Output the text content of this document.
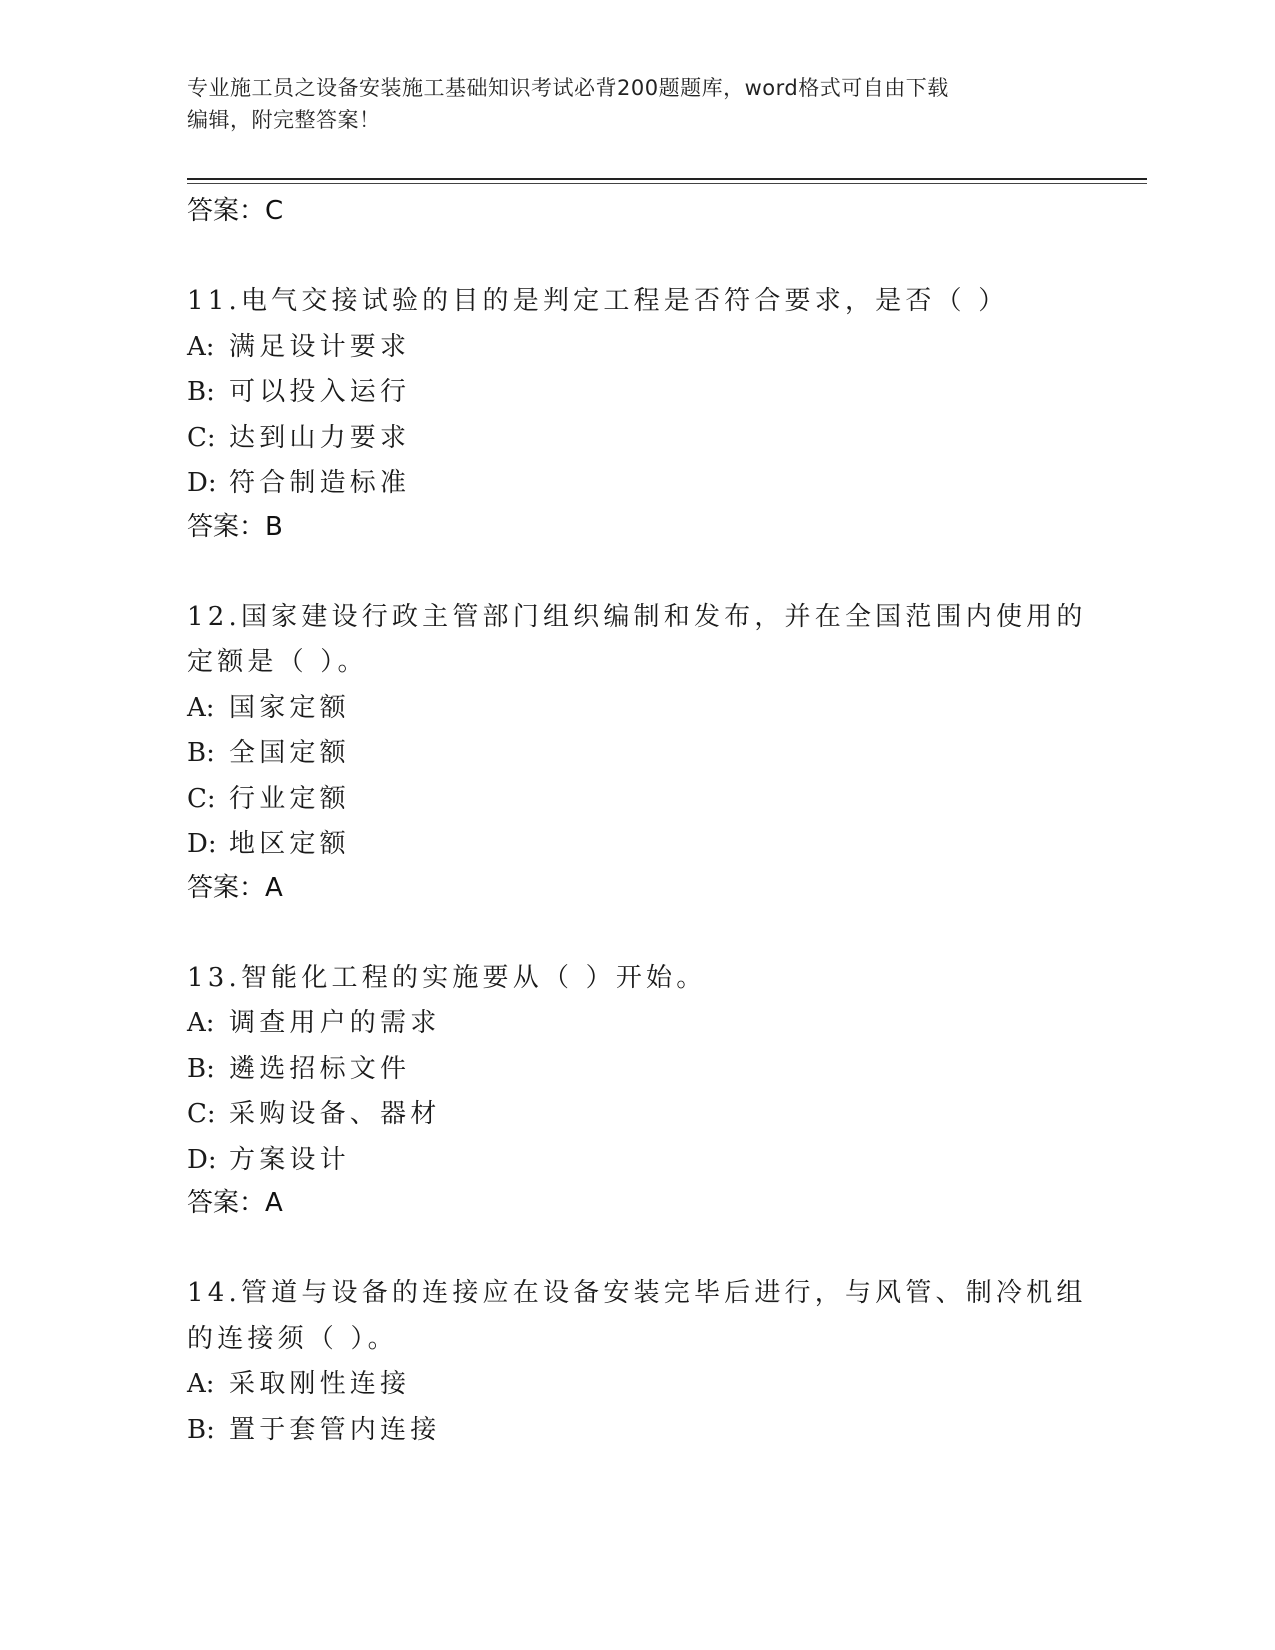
专业施工员之设备安装施工基础知识考试必背200题题库，word格式可自由下载
编辑，附完整答案！
答案：C
11.电气交接试验的目的是判定工程是否符合要求，是否（ ）
A: 满足设计要求
B: 可以投入运行
C: 达到山力要求
D: 符合制造标准
答案：B
12.国家建设行政主管部门组织编制和发布，并在全国范围内使用的定额是（ ）。
A: 国家定额
B: 全国定额
C: 行业定额
D: 地区定额
答案：A
13.智能化工程的实施要从（ ）开始。
A: 调查用户的需求
B: 遴选招标文件
C: 采购设备、器材
D: 方案设计
答案：A
14.管道与设备的连接应在设备安装完毕后进行，与风管、制冷机组的连接须（ ）。
A: 采取刚性连接
B: 置于套管内连接
